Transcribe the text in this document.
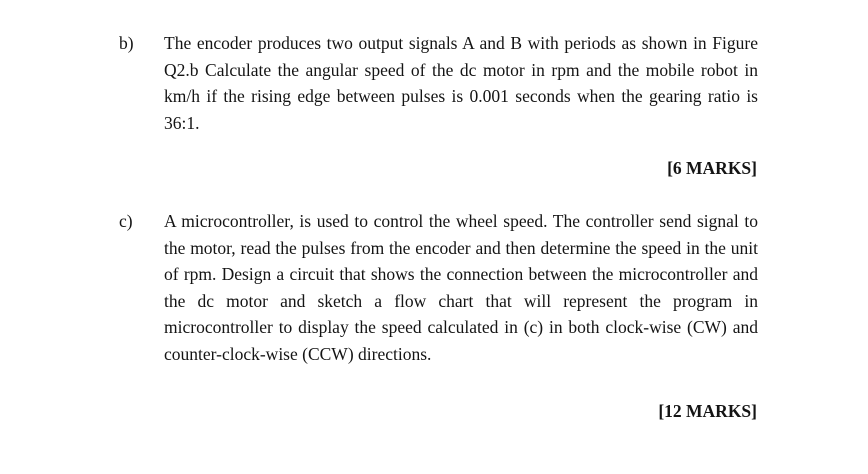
b) The encoder produces two output signals A and B with periods as shown in Figure Q2.b Calculate the angular speed of the dc motor in rpm and the mobile robot in km/h if the rising edge between pulses is 0.001 seconds when the gearing ratio is 36:1.

[6 MARKS]
c) A microcontroller, is used to control the wheel speed. The controller send signal to the motor, read the pulses from the encoder and then determine the speed in the unit of rpm. Design a circuit that shows the connection between the microcontroller and the dc motor and sketch a flow chart that will represent the program in microcontroller to display the speed calculated in (c) in both clock-wise (CW) and counter-clock-wise (CCW) directions.

[12 MARKS]
